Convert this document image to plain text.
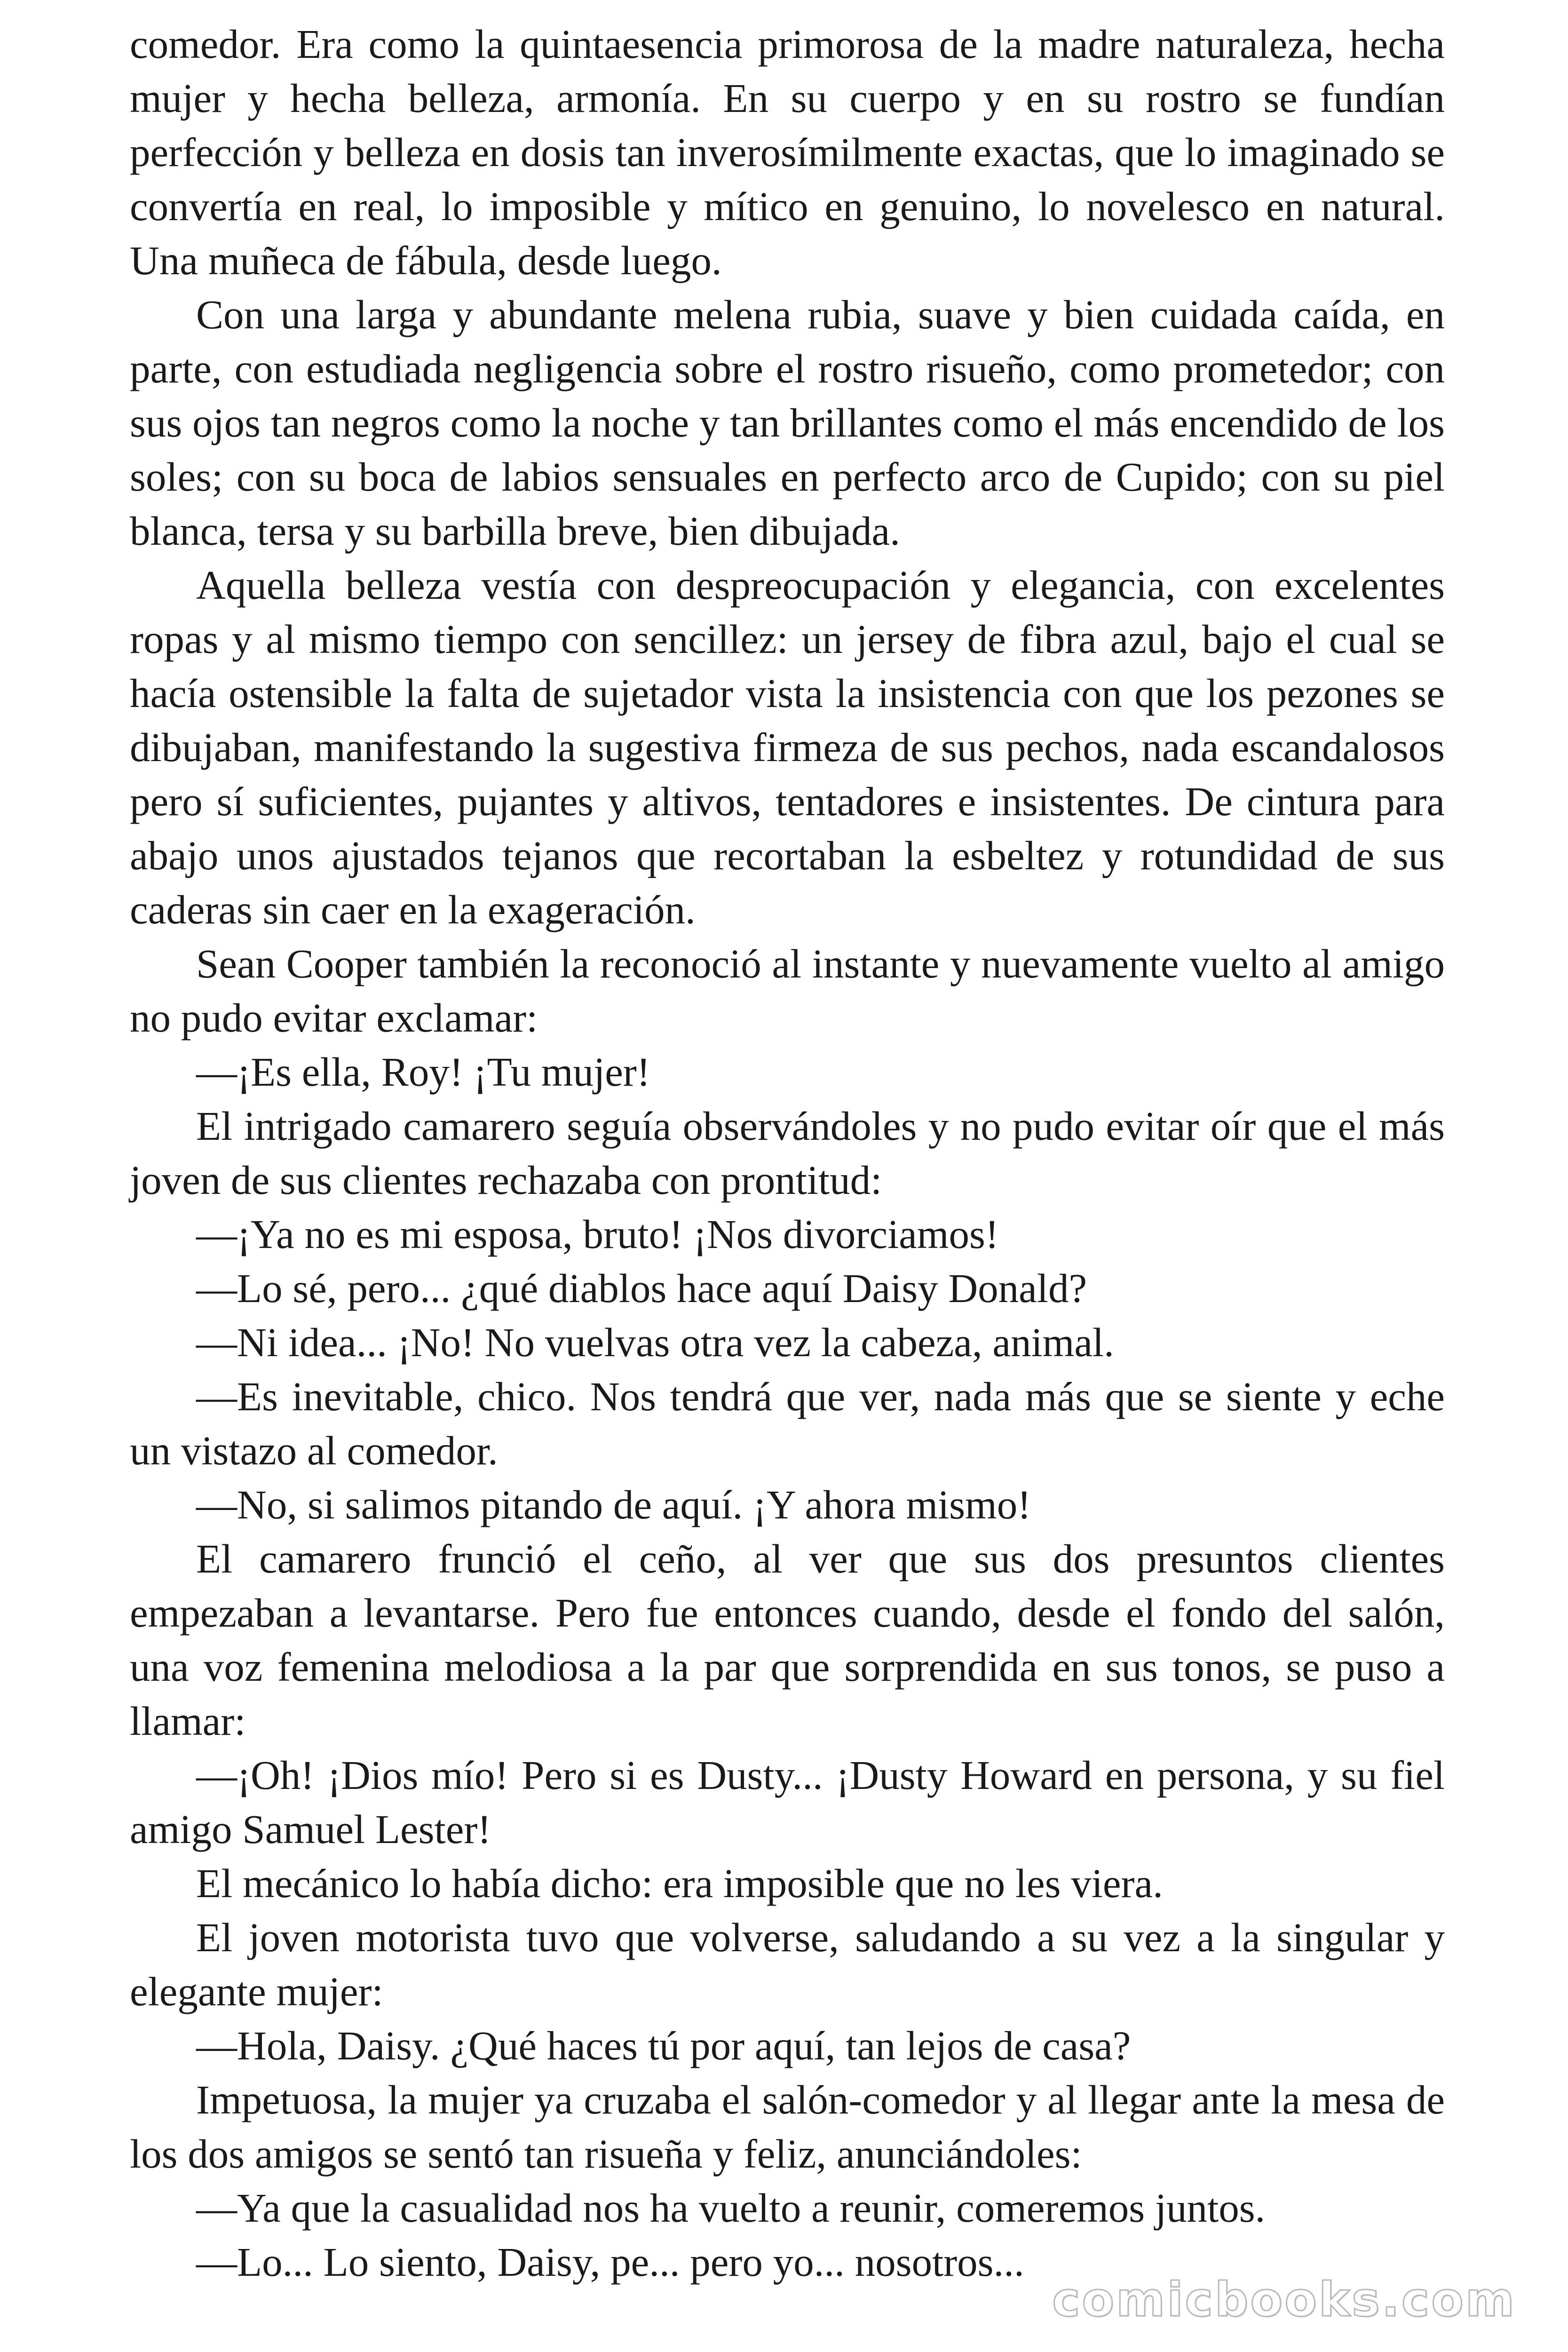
comedor. Era como la quintaesencia primorosa de la madre naturaleza, hecha mujer y hecha belleza, armonía. En su cuerpo y en su rostro se fundían perfección y belleza en dosis tan inverosímilmente exactas, que lo imaginado se convertía en real, lo imposible y mítico en genuino, lo novelesco en natural. Una muñeca de fábula, desde luego.

Con una larga y abundante melena rubia, suave y bien cuidada caída, en parte, con estudiada negligencia sobre el rostro risueño, como prometedor; con sus ojos tan negros como la noche y tan brillantes como el más encendido de los soles; con su boca de labios sensuales en perfecto arco de Cupido; con su piel blanca, tersa y su barbilla breve, bien dibujada.

Aquella belleza vestía con despreocupación y elegancia, con excelentes ropas y al mismo tiempo con sencillez: un jersey de fibra azul, bajo el cual se hacía ostensible la falta de sujetador vista la insistencia con que los pezones se dibujaban, manifestando la sugestiva firmeza de sus pechos, nada escandalosos pero sí suficientes, pujantes y altivos, tentadores e insistentes. De cintura para abajo unos ajustados tejanos que recortaban la esbeltez y rotundidad de sus caderas sin caer en la exageración.

Sean Cooper también la reconoció al instante y nuevamente vuelto al amigo no pudo evitar exclamar:

—¡Es ella, Roy! ¡Tu mujer!

El intrigado camarero seguía observándoles y no pudo evitar oír que el más joven de sus clientes rechazaba con prontitud:

—¡Ya no es mi esposa, bruto! ¡Nos divorciamos!

—Lo sé, pero... ¿qué diablos hace aquí Daisy Donald?

—Ni idea... ¡No! No vuelvas otra vez la cabeza, animal.

—Es inevitable, chico. Nos tendrá que ver, nada más que se siente y eche un vistazo al comedor.

—No, si salimos pitando de aquí. ¡Y ahora mismo!

El camarero frunció el ceño, al ver que sus dos presuntos clientes empezaban a levantarse. Pero fue entonces cuando, desde el fondo del salón, una voz femenina melodiosa a la par que sorprendida en sus tonos, se puso a llamar:

—¡Oh! ¡Dios mío! Pero si es Dusty... ¡Dusty Howard en persona, y su fiel amigo Samuel Lester!

El mecánico lo había dicho: era imposible que no les viera.

El joven motorista tuvo que volverse, saludando a su vez a la singular y elegante mujer:

—Hola, Daisy. ¿Qué haces tú por aquí, tan lejos de casa?

Impetuosa, la mujer ya cruzaba el salón-comedor y al llegar ante la mesa de los dos amigos se sentó tan risueña y feliz, anunciándoles:

—Ya que la casualidad nos ha vuelto a reunir, comeremos juntos.

—Lo... Lo siento, Daisy, pe... pero yo... nosotros...

comicbooks.com
